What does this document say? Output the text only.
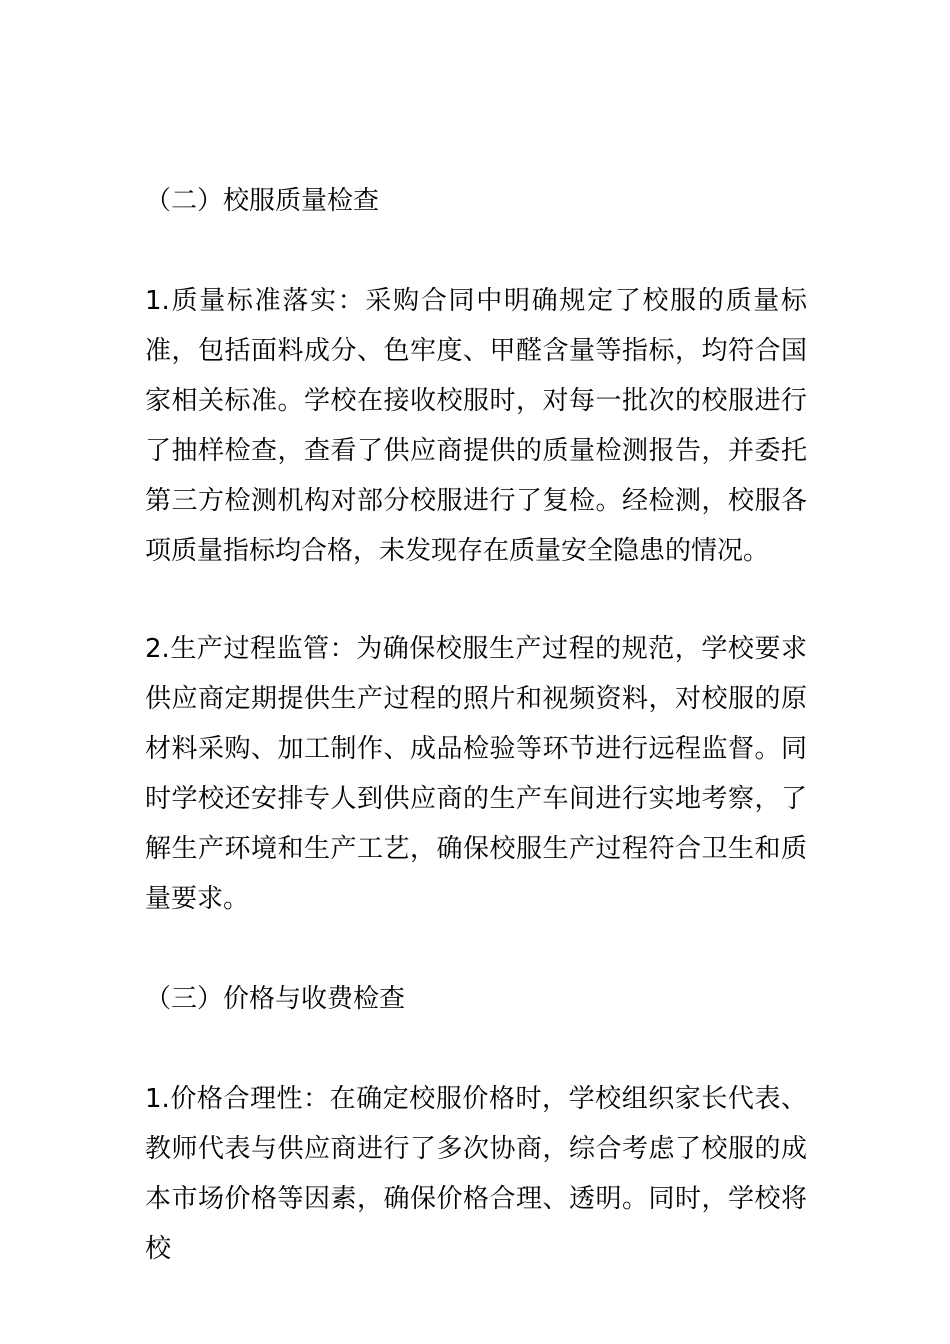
（二）校服质量检查
1.质量标准落实：采购合同中明确规定了校服的质量标准，包括面料成分、色牢度、甲醛含量等指标，均符合国家相关标准。学校在接收校服时，对每一批次的校服进行了抽样检查，查看了供应商提供的质量检测报告，并委托第三方检测机构对部分校服进行了复检。经检测，校服各项质量指标均合格，未发现存在质量安全隐患的情况。
2.生产过程监管：为确保校服生产过程的规范，学校要求供应商定期提供生产过程的照片和视频资料，对校服的原材料采购、加工制作、成品检验等环节进行远程监督。同时学校还安排专人到供应商的生产车间进行实地考察，了解生产环境和生产工艺，确保校服生产过程符合卫生和质量要求。
（三）价格与收费检查
1.价格合理性：在确定校服价格时，学校组织家长代表、教师代表与供应商进行了多次协商，综合考虑了校服的成本市场价格等因素，确保价格合理、透明。同时，学校将校
